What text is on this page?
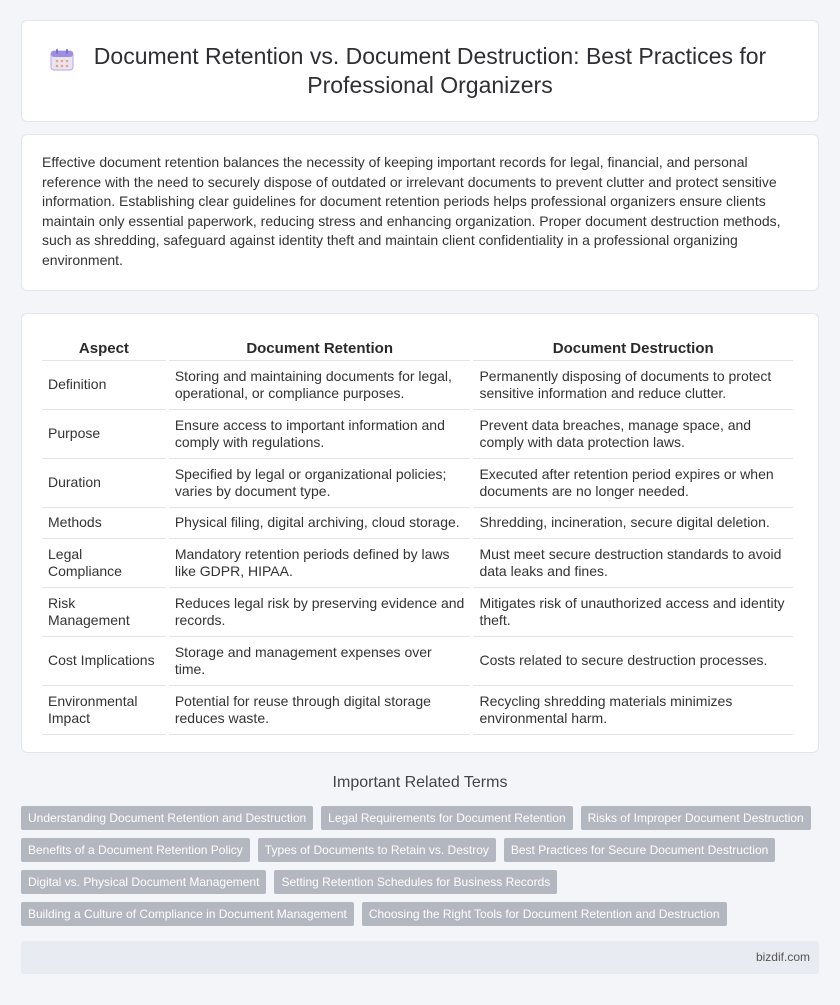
Document Retention vs. Document Destruction: Best Practices for Professional Organizers

Effective document retention balances the necessity of keeping important records for legal, financial, and personal reference with the need to securely dispose of outdated or irrelevant documents to prevent clutter and protect sensitive information. Establishing clear guidelines for document retention periods helps professional organizers ensure clients maintain only essential paperwork, reducing stress and enhancing organization. Proper document destruction methods, such as shredding, safeguard against identity theft and maintain client confidentiality in a professional organizing environment.

Aspect	Document Retention	Document Destruction
Definition	Storing and maintaining documents for legal, operational, or compliance purposes.	Permanently disposing of documents to protect sensitive information and reduce clutter.
Purpose	Ensure access to important information and comply with regulations.	Prevent data breaches, manage space, and comply with data protection laws.
Duration	Specified by legal or organizational policies; varies by document type.	Executed after retention period expires or when documents are no longer needed.
Methods	Physical filing, digital archiving, cloud storage.	Shredding, incineration, secure digital deletion.
Legal Compliance	Mandatory retention periods defined by laws like GDPR, HIPAA.	Must meet secure destruction standards to avoid data leaks and fines.
Risk Management	Reduces legal risk by preserving evidence and records.	Mitigates risk of unauthorized access and identity theft.
Cost Implications	Storage and management expenses over time.	Costs related to secure destruction processes.
Environmental Impact	Potential for reuse through digital storage reduces waste.	Recycling shredding materials minimizes environmental harm.
Important Related Terms
Understanding Document Retention and Destruction	Legal Requirements for Document Retention	Risks of Improper Document Destruction
Benefits of a Document Retention Policy	Types of Documents to Retain vs. Destroy	Best Practices for Secure Document Destruction
Digital vs. Physical Document Management	Setting Retention Schedules for Business Records
Building a Culture of Compliance in Document Management	Choosing the Right Tools for Document Retention and Destruction
bizdif.com
